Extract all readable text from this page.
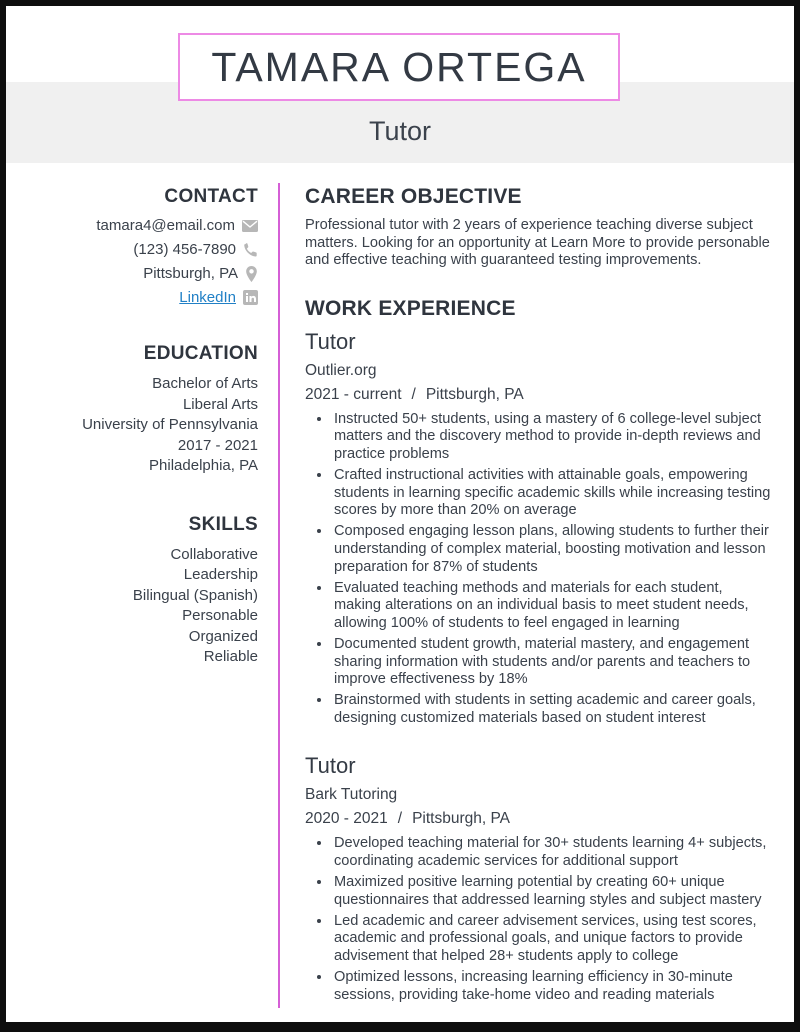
TAMARA ORTEGA
Tutor
CONTACT
tamara4@email.com
(123) 456-7890
Pittsburgh, PA
LinkedIn
EDUCATION
Bachelor of Arts
Liberal Arts
University of Pennsylvania
2017 - 2021
Philadelphia, PA
SKILLS
Collaborative
Leadership
Bilingual (Spanish)
Personable
Organized
Reliable
CAREER OBJECTIVE

Professional tutor with 2 years of experience teaching diverse subject matters. Looking for an opportunity at Learn More to provide personable and effective teaching with guaranteed testing improvements.

WORK EXPERIENCE
Tutor
Outlier.org
2021 - current / Pittsburgh, PA
• Instructed 50+ students, using a mastery of 6 college-level subject matters and the discovery method to provide in-depth reviews and practice problems
• Crafted instructional activities with attainable goals, empowering students in learning specific academic skills while increasing testing scores by more than 20% on average
• Composed engaging lesson plans, allowing students to further their understanding of complex material, boosting motivation and lesson preparation for 87% of students
• Evaluated teaching methods and materials for each student, making alterations on an individual basis to meet student needs, allowing 100% of students to feel engaged in learning
• Documented student growth, material mastery, and engagement sharing information with students and/or parents and teachers to improve effectiveness by 18%
• Brainstormed with students in setting academic and career goals, designing customized materials based on student interest
Tutor
Bark Tutoring
2020 - 2021 / Pittsburgh, PA
• Developed teaching material for 30+ students learning 4+ subjects, coordinating academic services for additional support
• Maximized positive learning potential by creating 60+ unique questionnaires that addressed learning styles and subject mastery
• Led academic and career advisement services, using test scores, academic and professional goals, and unique factors to provide advisement that helped 28+ students apply to college
• Optimized lessons, increasing learning efficiency in 30-minute sessions, providing take-home video and reading materials
